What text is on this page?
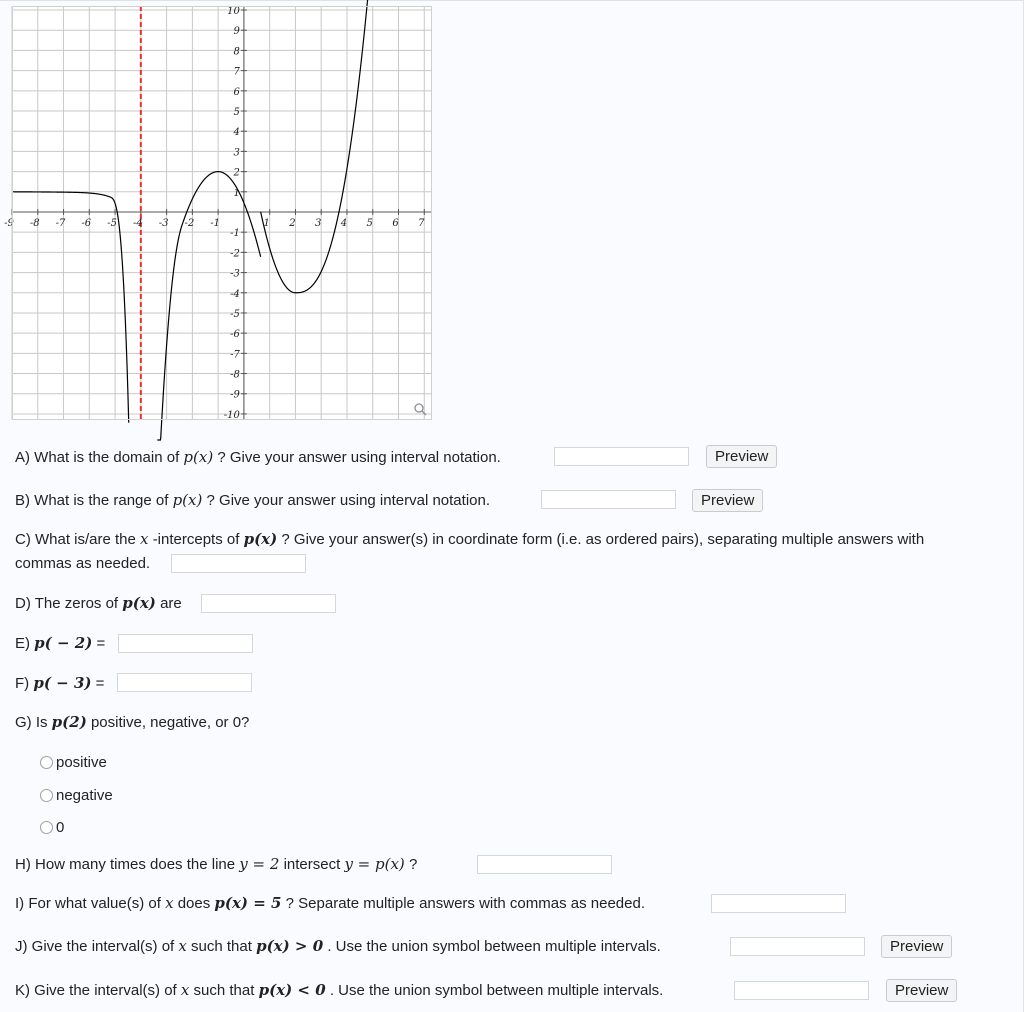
-9 -8 -7 -6 -5 -4 -3 -2 -1	1 2 3 4 5 6 7
10
9
8
7
6
5
4
3
2
1
-1
-2
-3
-4
-5
-6
-7
-8
-9
-10
A) What is the domain of p(x) ? Give your answer using interval notation.	Preview
B) What is the range of p(x) ? Give your answer using interval notation.	Preview
C) What is/are the x -intercepts of p(x) ? Give your answer(s) in coordinate form (i.e. as ordered pairs), separating multiple answers with
commas as needed.
D) The zeros of p(x) are
E) p( − 2) =
F) p( − 3) =
G) Is p(2) positive, negative, or 0?
positive
negative
0
H) How many times does the line y = 2 intersect y = p(x) ?
I) For what value(s) of x does p(x) = 5 ? Separate multiple answers with commas as needed.
J) Give the interval(s) of x such that p(x) > 0 . Use the union symbol between multiple intervals.	Preview
K) Give the interval(s) of x such that p(x) < 0 . Use the union symbol between multiple intervals.	Preview
